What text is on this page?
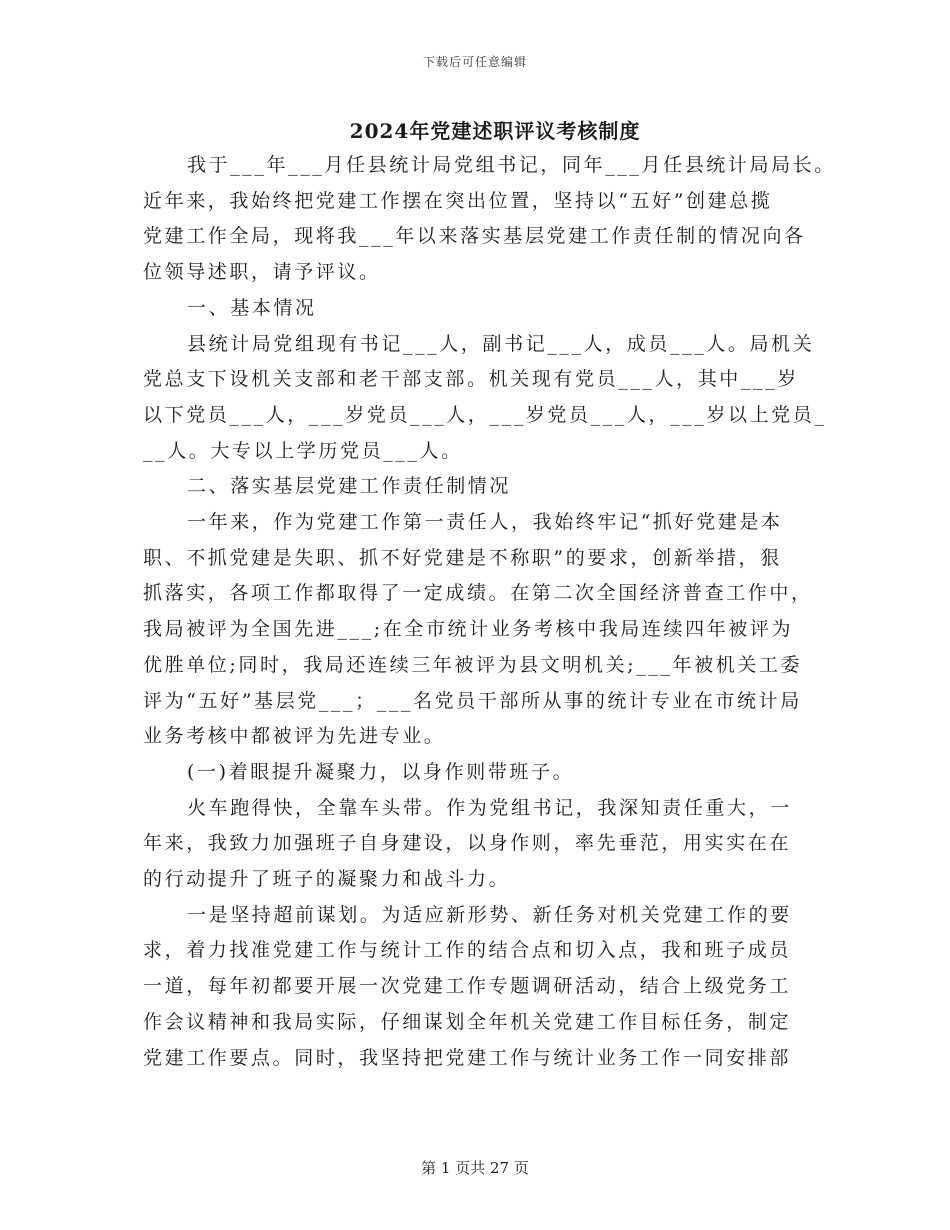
下载后可任意编辑
2024年党建述职评议考核制度

我于___年___月任县统计局党组书记，同年___月任县统计局局长。

近年来，我始终把党建工作摆在突出位置，坚持以“五好”创建总揽

党建工作全局，现将我___年以来落实基层党建工作责任制的情况向各

位领导述职，请予评议。

一、基本情况

县统计局党组现有书记___人，副书记___人，成员___人。局机关

党总支下设机关支部和老干部支部。机关现有党员___人，其中___岁

以下党员___人，___岁党员___人，___岁党员___人，___岁以上党员_

__人。大专以上学历党员___人。

二、落实基层党建工作责任制情况

一年来，作为党建工作第一责任人，我始终牢记“抓好党建是本

职、不抓党建是失职、抓不好党建是不称职”的要求，创新举措，狠

抓落实，各项工作都取得了一定成绩。在第二次全国经济普查工作中，

我局被评为全国先进___;在全市统计业务考核中我局连续四年被评为

优胜单位;同时，我局还连续三年被评为县文明机关;___年被机关工委

评为“五好”基层党___；___名党员干部所从事的统计专业在市统计局

业务考核中都被评为先进专业。

(一)着眼提升凝聚力，以身作则带班子。

火车跑得快，全靠车头带。作为党组书记，我深知责任重大，一

年来，我致力加强班子自身建设，以身作则，率先垂范，用实实在在

的行动提升了班子的凝聚力和战斗力。

一是坚持超前谋划。为适应新形势、新任务对机关党建工作的要

求，着力找准党建工作与统计工作的结合点和切入点，我和班子成员

一道，每年初都要开展一次党建工作专题调研活动，结合上级党务工

作会议精神和我局实际，仔细谋划全年机关党建工作目标任务，制定

党建工作要点。同时，我坚持把党建工作与统计业务工作一同安排部

第 1 页共 27 页
